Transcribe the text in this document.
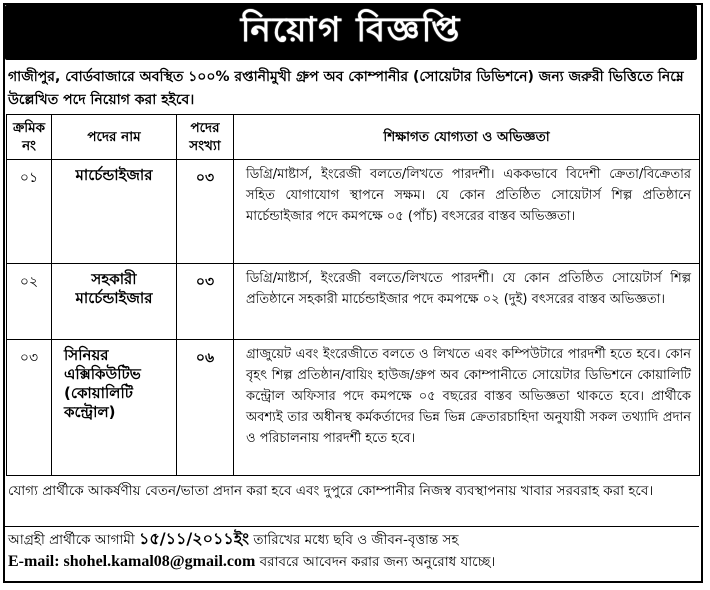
নিয়োগ বিজ্ঞপ্তি
গাজীপুর, বোর্ডবাজারে অবস্থিত ১০০% রপ্তানীমুখী গ্রুপ অব কোম্পানীর (সোয়েটার ডিভিশনে) জন্য জরুরী ভিত্তিতে নিম্নে উল্লেখিত পদে নিয়োগ করা হইবে।
ক্রমিক নং	পদের নাম	পদের সংখ্যা	শিক্ষাগত যোগ্যতা ও অভিজ্ঞতা
০১	মার্চেন্ডাইজার	০৩	ডিগ্রি/মাষ্টার্স, ইংরেজী বলতে/লিখতে পারদর্শী। এককভাবে বিদেশী ক্রেতা/বিক্রেতার সহিত যোগাযোগ স্থাপনে সক্ষম। যে কোন প্রতিষ্ঠিত সোয়েটার্স শিল্প প্রতিষ্ঠানে মার্চেন্ডাইজার পদে কমপক্ষে ০৫ (পাঁচ) বৎসরের বাস্তব অভিজ্ঞতা।
০২	সহকারী মার্চেন্ডাইজার	০৩	ডিগ্রি/মাষ্টার্স, ইংরেজী বলতে/লিখতে পারদর্শী। যে কোন প্রতিষ্ঠিত সোয়েটার্স শিল্প প্রতিষ্ঠানে সহকারী মার্চেন্ডাইজার পদে কমপক্ষে ০২ (দুই) বৎসরের বাস্তব অভিজ্ঞতা।
০৩	সিনিয়র এক্সিকিউটিভ (কোয়ালিটি কন্ট্রোল)	০৬	গ্রাজুয়েট এবং ইংরেজীতে বলতে ও লিখতে এবং কম্পিউটারে পারদর্শী হতে হবে। কোন বৃহৎ শিল্প প্রতিষ্ঠান/বায়িং হাউজ/গ্রুপ অব কোম্পানীতে সোয়েটার ডিভিশনে কোয়ালিটি কন্ট্রোল অফিসার পদে কমপক্ষে ০৫ বছরের বাস্তব অভিজ্ঞতা থাকতে হবে। প্রার্থীকে অবশ্যই তার অধীনস্থ কর্মকর্তাদের ভিন্ন ভিন্ন ক্রেতারচাহিদা অনুযায়ী সকল তথ্যাদি প্রদান ও পরিচালনায় পারদর্শী হতে হবে।
যোগ্য প্রার্থীকে আকর্ষণীয় বেতন/ভাতা প্রদান করা হবে এবং দুপুরে কোম্পানীর নিজস্ব ব্যবস্থাপনায় খাবার সরবরাহ করা হবে।
আগ্রহী প্রার্থীকে আগামী ১৫/১১/২০১১ইং তারিখের মধ্যে ছবি ও জীবন-বৃত্তান্ত সহ
E-mail: shohel.kamal08@gmail.com বরাবরে আবেদন করার জন্য অনুরোধ যাচ্ছে।
